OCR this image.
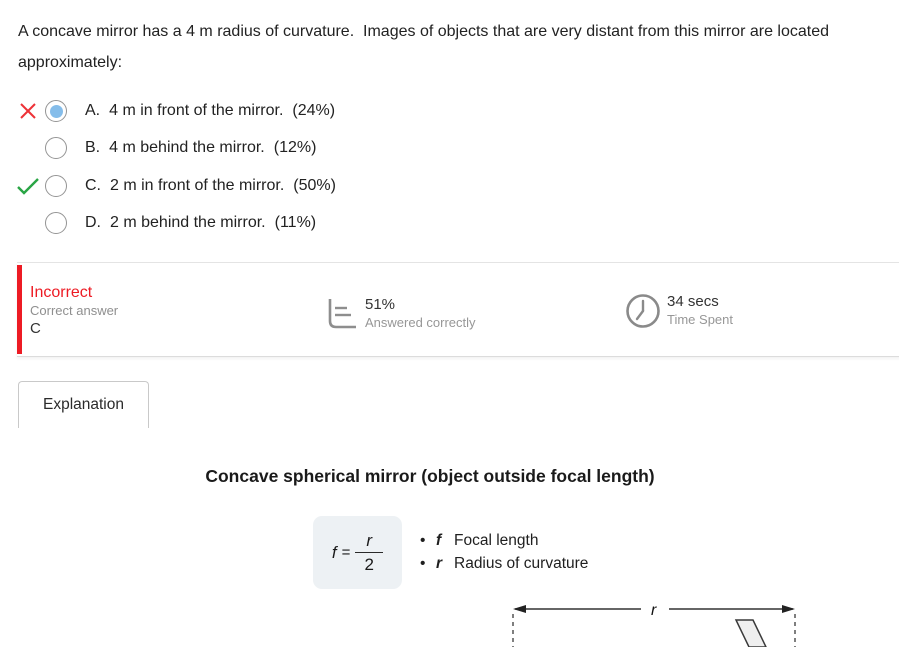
A concave mirror has a 4 m radius of curvature.  Images of objects that are very distant from this mirror are located approximately:
A. 4 m in front of the mirror. (24%)
B. 4 m behind the mirror. (12%)
C. 2 m in front of the mirror. (50%)
D. 2 m behind the mirror. (11%)
Incorrect
Correct answer
C
51%
Answered correctly
34 secs
Time Spent
Explanation
Concave spherical mirror (object outside focal length)
$f = \frac{r}{2}$ • f Focal length
• r Radius of curvature
r
